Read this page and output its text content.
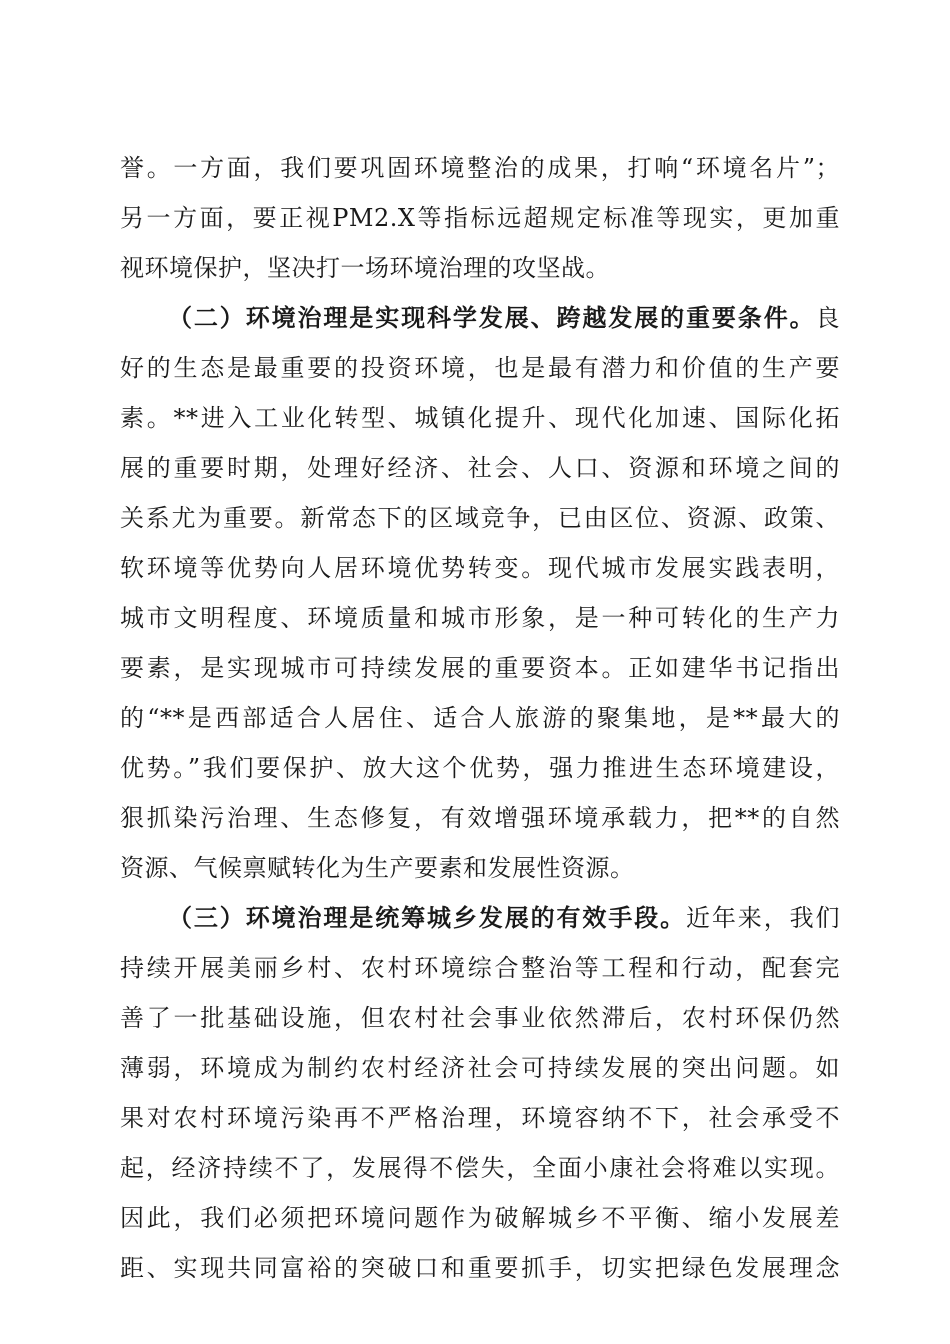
誉。一方面，我们要巩固环境整治的成果，打响“环境名片”；
另一方面，要正视PM2.X等指标远超规定标准等现实，更加重
视环境保护，坚决打一场环境治理的攻坚战。
（二）环境治理是实现科学发展、跨越发展的重要条件。良
好的生态是最重要的投资环境，也是最有潜力和价值的生产要
素。**进入工业化转型、城镇化提升、现代化加速、国际化拓
展的重要时期，处理好经济、社会、人口、资源和环境之间的
关系尤为重要。新常态下的区域竞争，已由区位、资源、政策、
软环境等优势向人居环境优势转变。现代城市发展实践表明，
城市文明程度、环境质量和城市形象，是一种可转化的生产力
要素，是实现城市可持续发展的重要资本。正如建华书记指出
的“**是西部适合人居住、适合人旅游的聚集地，是**最大的
优势。”我们要保护、放大这个优势，强力推进生态环境建设，
狠抓染污治理、生态修复，有效增强环境承载力，把**的自然
资源、气候禀赋转化为生产要素和发展性资源。
（三）环境治理是统筹城乡发展的有效手段。近年来，我们
持续开展美丽乡村、农村环境综合整治等工程和行动，配套完
善了一批基础设施，但农村社会事业依然滞后，农村环保仍然
薄弱，环境成为制约农村经济社会可持续发展的突出问题。如
果对农村环境污染再不严格治理，环境容纳不下，社会承受不
起，经济持续不了，发展得不偿失，全面小康社会将难以实现。
因此，我们必须把环境问题作为破解城乡不平衡、缩小发展差
距、实现共同富裕的突破口和重要抓手，切实把绿色发展理念
